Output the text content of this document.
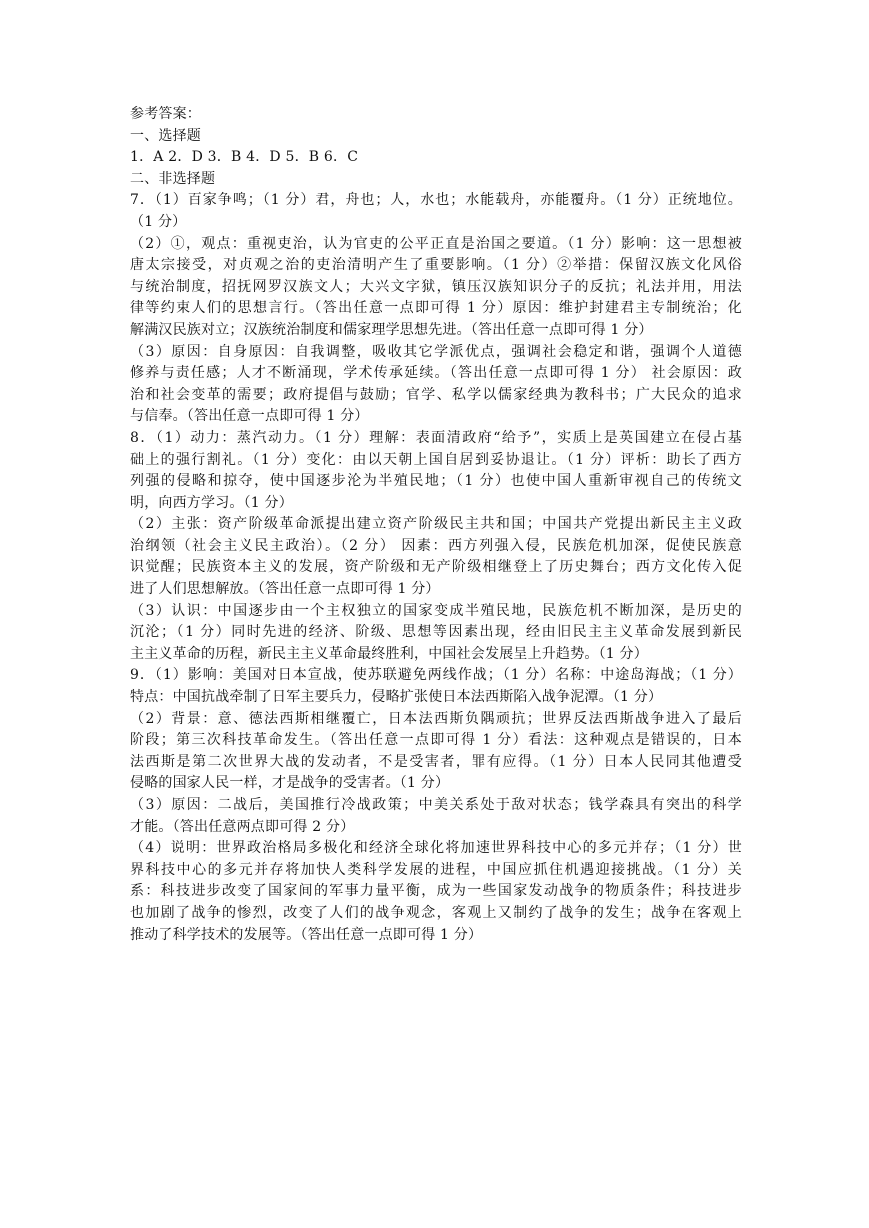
参考答案：
一、选择题
1．A 2．D 3．B 4．D 5．B 6．C
二、非选择题
7．（1）百家争鸣；（1 分）君，舟也；人，水也；水能载舟，亦能覆舟。（1 分）正统地位。
（1 分）
（2）①，观点：重视吏治，认为官吏的公平正直是治国之要道。（1 分）影响：这一思想被
唐太宗接受，对贞观之治的吏治清明产生了重要影响。（1 分）②举措：保留汉族文化风俗
与统治制度，招抚网罗汉族文人；大兴文字狱，镇压汉族知识分子的反抗；礼法并用，用法
律等约束人们的思想言行。（答出任意一点即可得 1 分）原因：维护封建君主专制统治；化
解满汉民族对立；汉族统治制度和儒家理学思想先进。（答出任意一点即可得 1 分）
（3）原因：自身原因：自我调整，吸收其它学派优点，强调社会稳定和谐，强调个人道德
修养与责任感；人才不断涌现，学术传承延续。（答出任意一点即可得 1 分） 社会原因：政
治和社会变革的需要；政府提倡与鼓励；官学、私学以儒家经典为教科书；广大民众的追求
与信奉。（答出任意一点即可得 1 分）
8．（1）动力：蒸汽动力。（1 分）理解：表面清政府“给予”，实质上是英国建立在侵占基
础上的强行割礼。（1 分）变化：由以天朝上国自居到妥协退让。（1 分）评析：助长了西方
列强的侵略和掠夺，使中国逐步沦为半殖民地；（1 分）也使中国人重新审视自己的传统文
明，向西方学习。（1 分）
（2）主张：资产阶级革命派提出建立资产阶级民主共和国；中国共产党提出新民主主义政
治纲领（社会主义民主政治）。（2 分） 因素：西方列强入侵，民族危机加深，促使民族意
识觉醒；民族资本主义的发展，资产阶级和无产阶级相继登上了历史舞台；西方文化传入促
进了人们思想解放。（答出任意一点即可得 1 分）
（3）认识：中国逐步由一个主权独立的国家变成半殖民地，民族危机不断加深，是历史的
沉沦；（1 分）同时先进的经济、阶级、思想等因素出现，经由旧民主主义革命发展到新民
主主义革命的历程，新民主主义革命最终胜利，中国社会发展呈上升趋势。（1 分）
9．（1）影响：美国对日本宣战，使苏联避免两线作战；（1 分）名称：中途岛海战；（1 分）
特点：中国抗战牵制了日军主要兵力，侵略扩张使日本法西斯陷入战争泥潭。（1 分）
（2）背景：意、德法西斯相继覆亡，日本法西斯负隅顽抗；世界反法西斯战争进入了最后
阶段；第三次科技革命发生。（答出任意一点即可得 1 分）看法：这种观点是错误的，日本
法西斯是第二次世界大战的发动者，不是受害者，罪有应得。（1 分）日本人民同其他遭受
侵略的国家人民一样，才是战争的受害者。（1 分）
（3）原因：二战后，美国推行冷战政策；中美关系处于敌对状态；钱学森具有突出的科学
才能。（答出任意两点即可得 2 分）
（4）说明：世界政治格局多极化和经济全球化将加速世界科技中心的多元并存；（1 分）世
界科技中心的多元并存将加快人类科学发展的进程，中国应抓住机遇迎接挑战。（1 分）关
系：科技进步改变了国家间的军事力量平衡，成为一些国家发动战争的物质条件；科技进步
也加剧了战争的惨烈，改变了人们的战争观念，客观上又制约了战争的发生；战争在客观上
推动了科学技术的发展等。（答出任意一点即可得 1 分）
